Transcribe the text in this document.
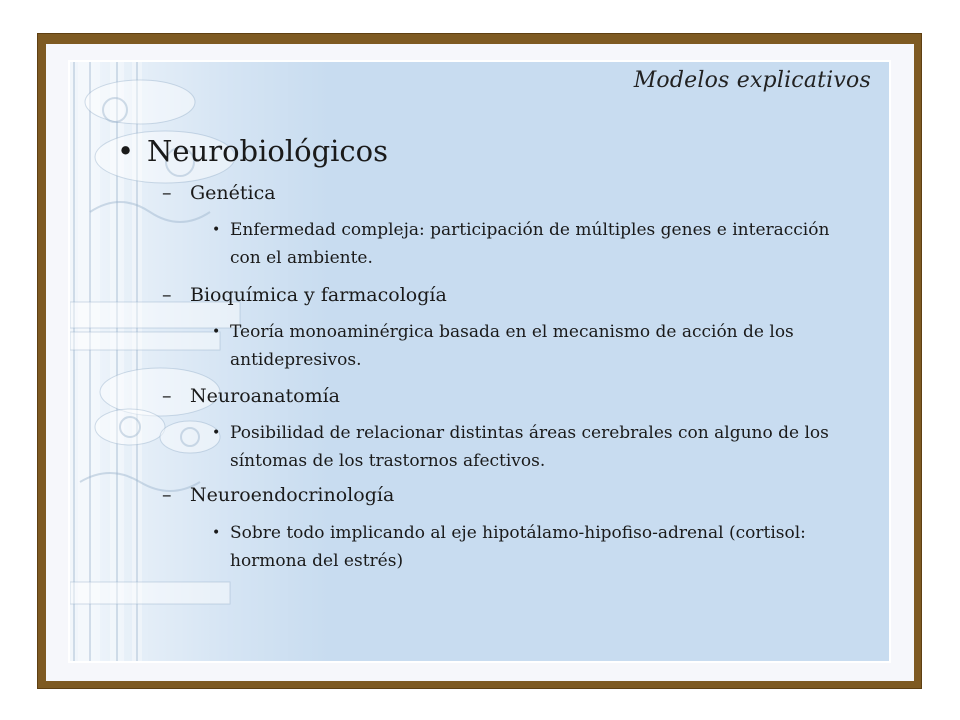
Modelos explicativos
• Neurobiológicos
– Genética
• Enfermedad compleja: participación de múltiples genes e interacción con el ambiente.
– Bioquímica y farmacología
• Teoría monoaminérgica basada en el mecanismo de acción de los antidepresivos.
– Neuroanatomía
• Posibilidad de relacionar distintas áreas cerebrales con alguno de los síntomas de los trastornos afectivos.
– Neuroendocrinología
• Sobre todo implicando al eje hipotálamo-hipofiso-adrenal (cortisol: hormona del estrés)
